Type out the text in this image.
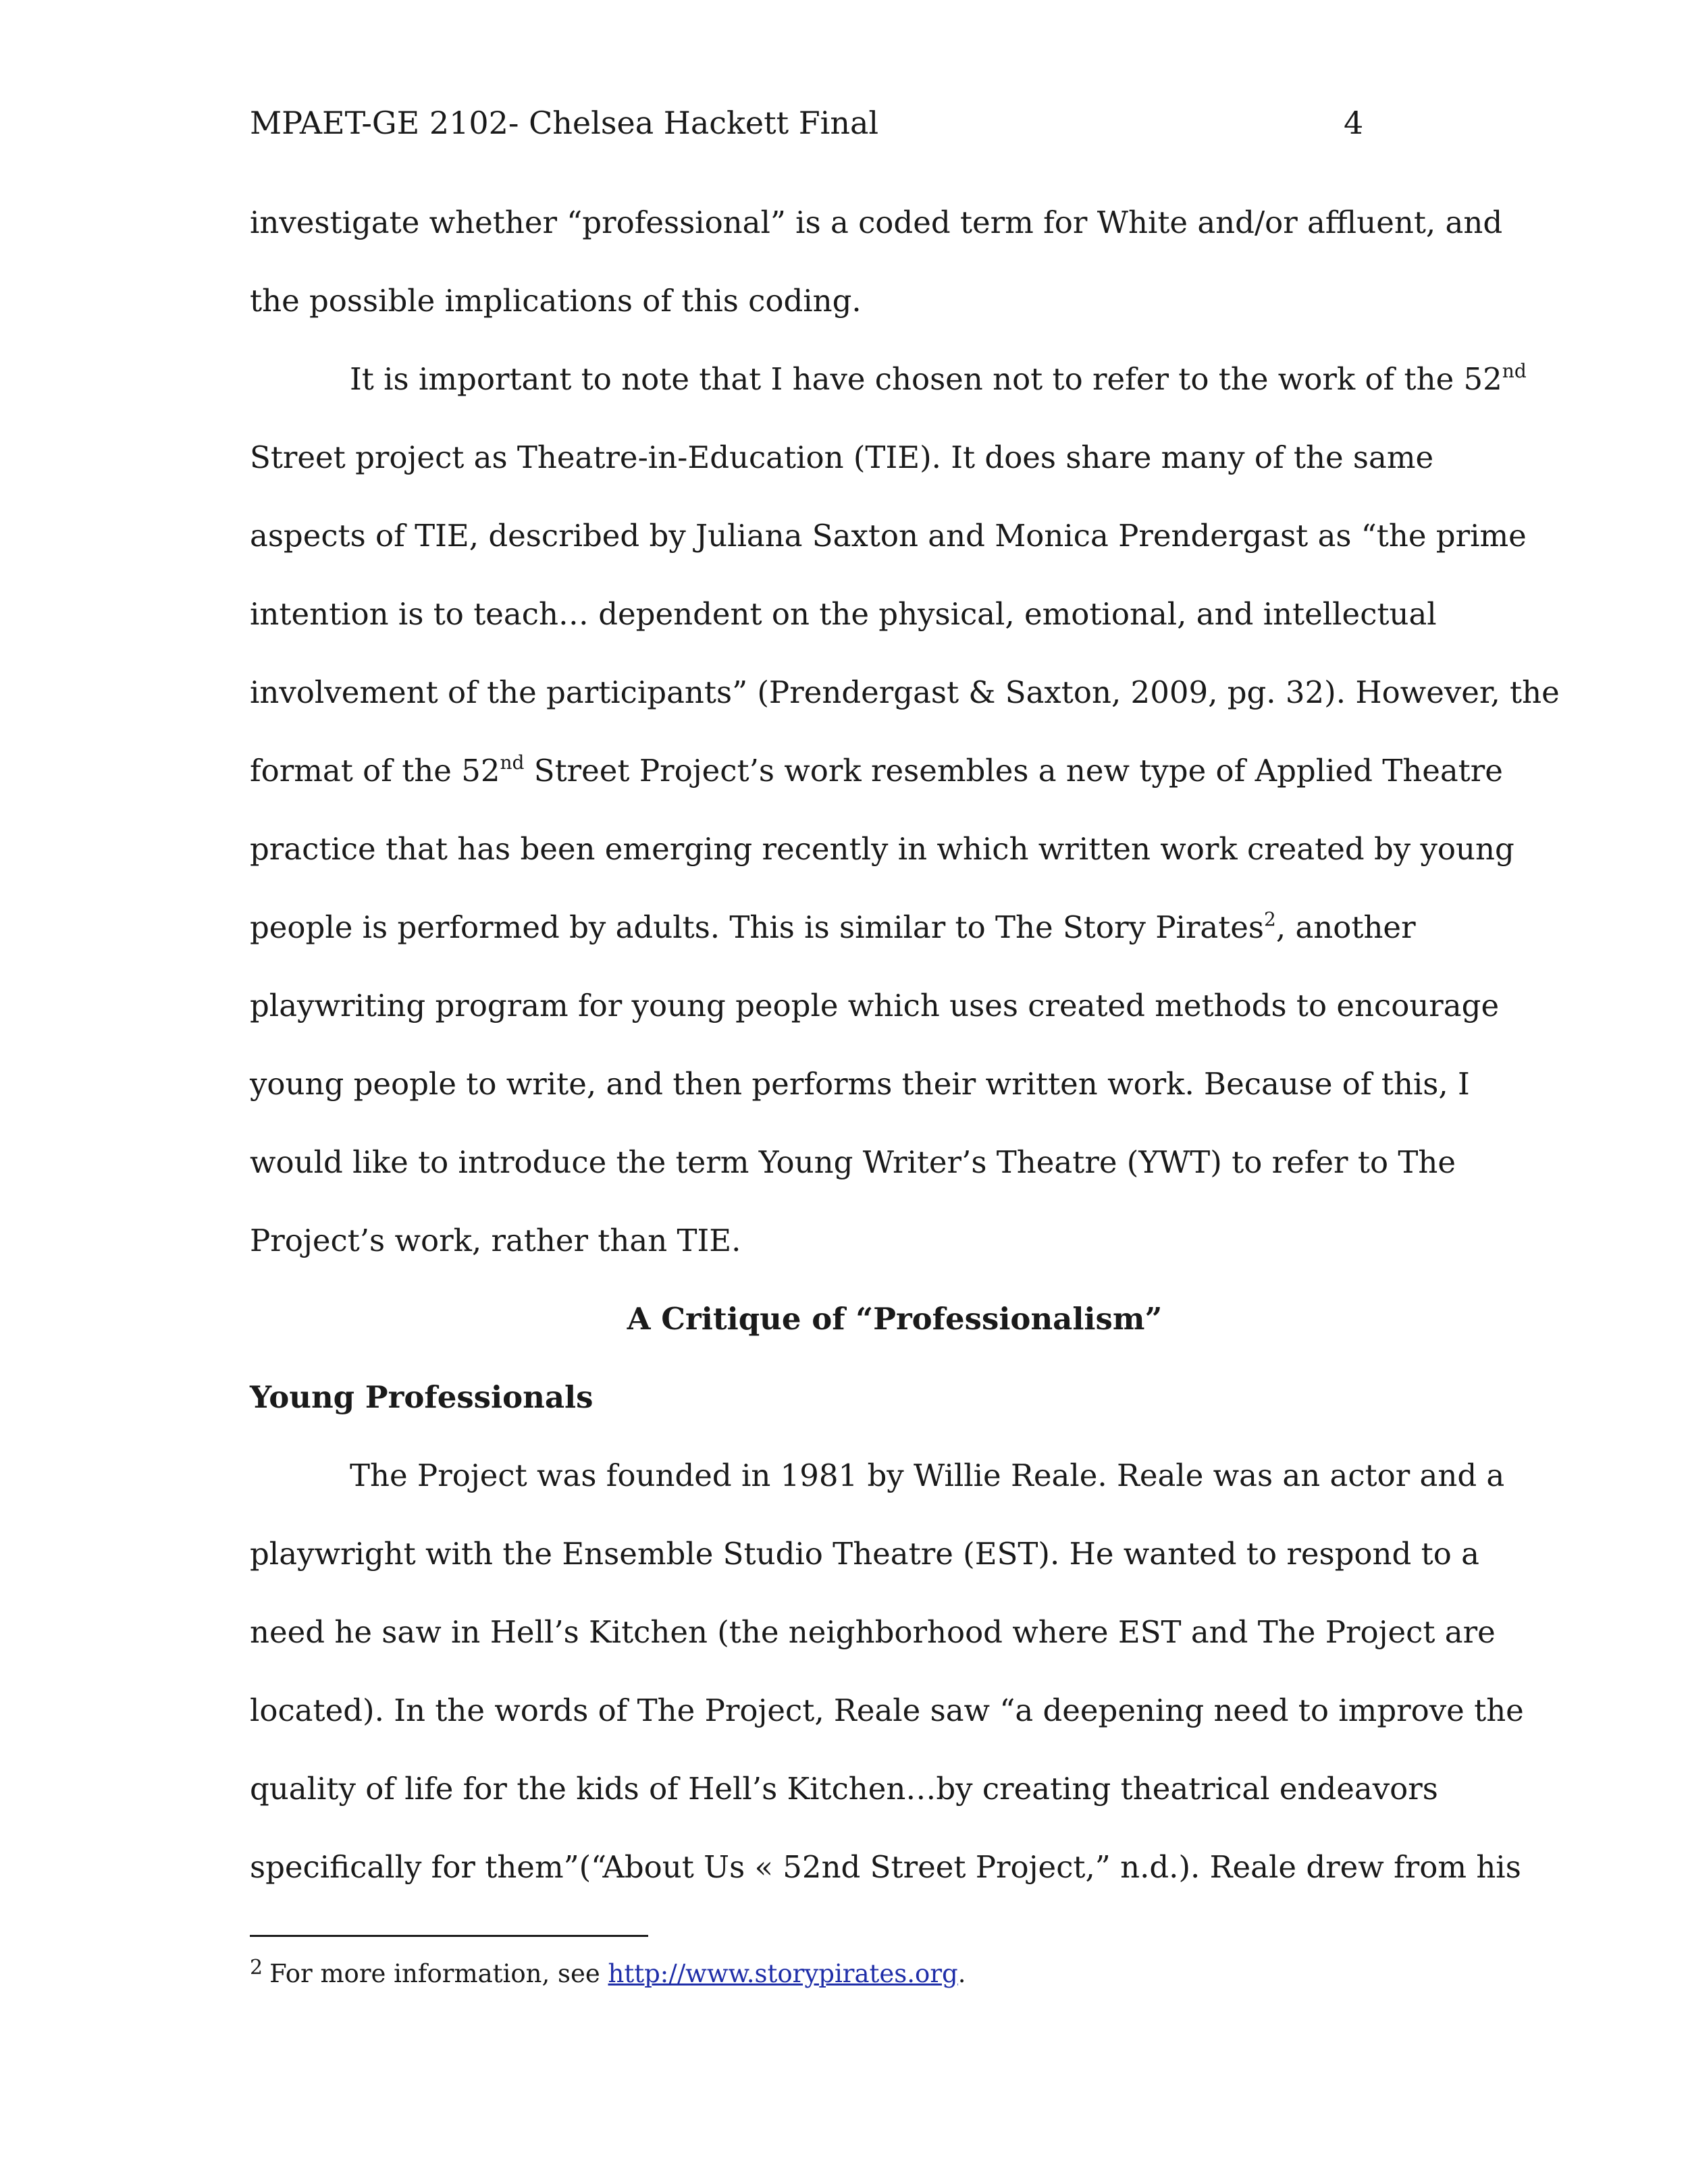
MPAET-GE 2102- Chelsea Hackett Final	4
investigate whether “professional” is a coded term for White and/or affluent, and
the possible implications of this coding.
It is important to note that I have chosen not to refer to the work of the 52nd
Street project as Theatre-in-Education (TIE). It does share many of the same
aspects of TIE, described by Juliana Saxton and Monica Prendergast as “the prime
intention is to teach… dependent on the physical, emotional, and intellectual
involvement of the participants” (Prendergast & Saxton, 2009, pg. 32). However, the
format of the 52nd Street Project’s work resembles a new type of Applied Theatre
practice that has been emerging recently in which written work created by young
people is performed by adults. This is similar to The Story Pirates$^2$, another
playwriting program for young people which uses created methods to encourage
young people to write, and then performs their written work. Because of this, I
would like to introduce the term Young Writer’s Theatre (YWT) to refer to The
Project’s work, rather than TIE.
A Critique of “Professionalism”
Young Professionals
The Project was founded in 1981 by Willie Reale. Reale was an actor and a
playwright with the Ensemble Studio Theatre (EST). He wanted to respond to a
need he saw in Hell’s Kitchen (the neighborhood where EST and The Project are
located). In the words of The Project, Reale saw “a deepening need to improve the
quality of life for the kids of Hell’s Kitchen…by creating theatrical endeavors
specifically for them”(“About Us « 52nd Street Project,” n.d.). Reale drew from his
$^2$ For more information, see http://www.storypirates.org.
